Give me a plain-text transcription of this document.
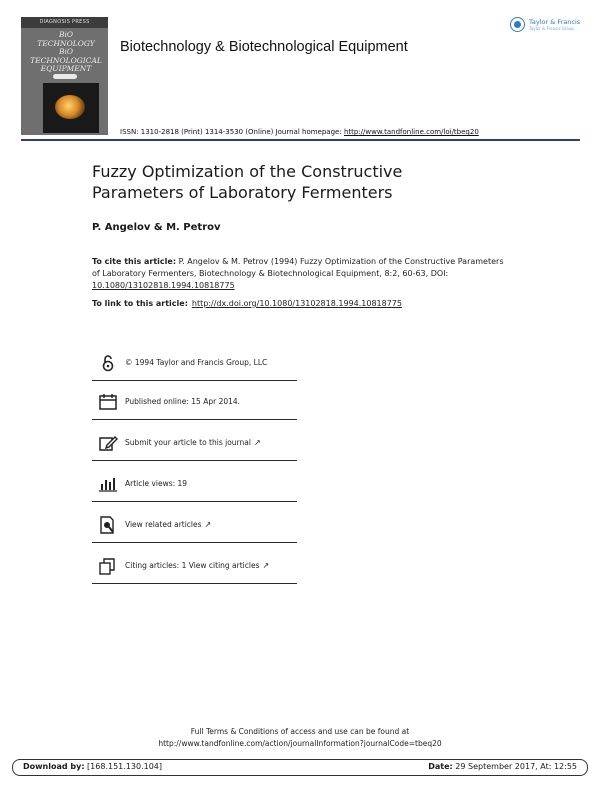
DIAGNOSIS PRESS
BiO
TECHNOLOGY
BiO
TECHNOLOGICAL
EQUIPMENT
Biotechnology & Biotechnological Equipment
ISSN: 1310-2818 (Print) 1314-3530 (Online) Journal homepage: http://www.tandfonline.com/loi/tbeq20
Taylor & Francis
Taylor & Francis Group
Fuzzy Optimization of the Constructive
Parameters of Laboratory Fermenters
P. Angelov & M. Petrov
To cite this article: P. Angelov & M. Petrov (1994) Fuzzy Optimization of the Constructive Parameters of Laboratory Fermenters, Biotechnology & Biotechnological Equipment, 8:2, 60-63, DOI: 10.1080/13102818.1994.10818775
To link to this article: http://dx.doi.org/10.1080/13102818.1994.10818775
© 1994 Taylor and Francis Group, LLC
Published online: 15 Apr 2014.
Submit your article to this journal ↗
Article views: 19
View related articles ↗
Citing articles: 1 View citing articles ↗
Full Terms & Conditions of access and use can be found at
http://www.tandfonline.com/action/journalInformation?journalCode=tbeq20
Download by: [168.151.130.104]	Date: 29 September 2017, At: 12:55
